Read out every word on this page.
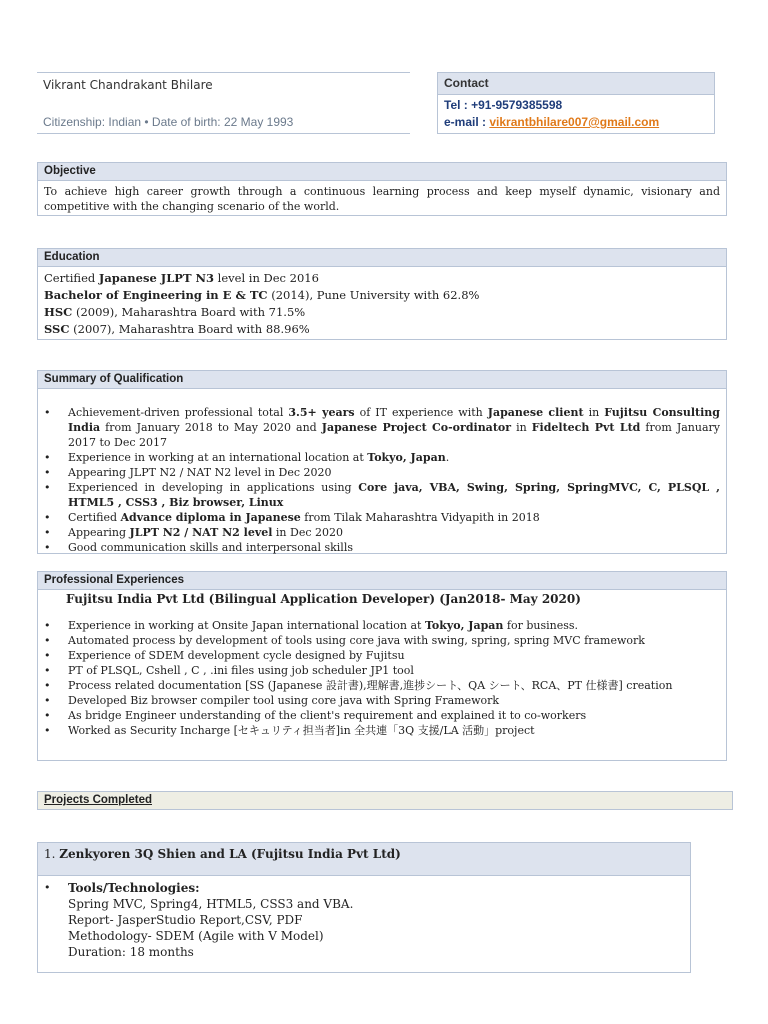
Vikrant Chandrakant Bhilare
Citizenship: Indian • Date of birth: 22 May 1993
Contact
Tel : +91-9579385598
e-mail : vikrantbhilare007@gmail.com
Objective
To achieve high career growth through a continuous learning process and keep myself dynamic, visionary and competitive with the changing scenario of the world.
Education
Certified Japanese JLPT N3 level in Dec 2016
Bachelor of Engineering in E & TC (2014), Pune University with 62.8%
HSC (2009), Maharashtra Board with 71.5%
SSC (2007), Maharashtra Board with 88.96%
Summary of Qualification
• Achievement-driven professional total 3.5+ years of IT experience with Japanese client in Fujitsu Consulting India from January 2018 to May 2020 and Japanese Project Co-ordinator in Fideltech Pvt Ltd from January 2017 to Dec 2017
• Experience in working at an international location at Tokyo, Japan.
• Appearing JLPT N2 / NAT N2 level in Dec 2020
• Experienced in developing in applications using Core java, VBA, Swing, Spring, SpringMVC, C, PLSQL , HTML5 , CSS3 , Biz browser, Linux
• Certified Advance diploma in Japanese from Tilak Maharashtra Vidyapith in 2018
• Appearing JLPT N2 / NAT N2 level in Dec 2020
• Good communication skills and interpersonal skills
Professional Experiences
Fujitsu India Pvt Ltd (Bilingual Application Developer) (Jan2018- May 2020)
• Experience in working at Onsite Japan international location at Tokyo, Japan for business.
• Automated process by development of tools using core java with swing, spring, spring MVC framework
• Experience of SDEM development cycle designed by Fujitsu
• PT of PLSQL, Cshell , C , .ini files using job scheduler JP1 tool
• Process related documentation [SS (Japanese 設計書),理解書,進捗シート、QA シート、RCA、PT 仕様書] creation
• Developed Biz browser compiler tool using core java with Spring Framework
• As bridge Engineer understanding of the client's requirement and explained it to co-workers
• Worked as Security Incharge [セキュリティ担当者]in 全共連「3Q 支援/LA 活動」project
Projects Completed
1. Zenkyoren 3Q Shien and LA (Fujitsu India Pvt Ltd)
• Tools/Technologies:
Spring MVC, Spring4, HTML5, CSS3 and VBA.
Report- JasperStudio Report,CSV, PDF
Methodology- SDEM (Agile with V Model)
Duration: 18 months
